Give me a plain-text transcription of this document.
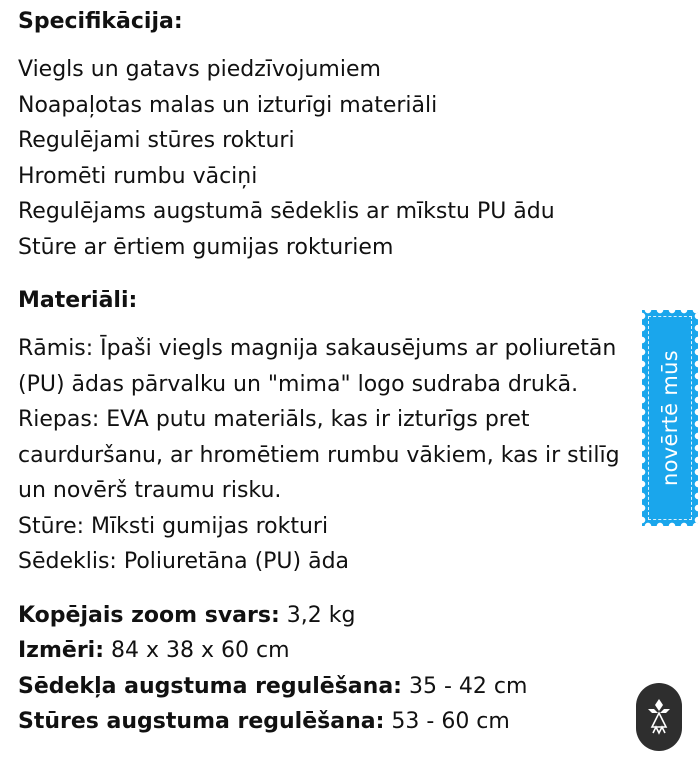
Specifikācija:

Viegls un gatavs piedzīvojumiem

Noapaļotas malas un izturīgi materiāli

Regulējami stūres rokturi

Hromēti rumbu vāciņi

Regulējams augstumā sēdeklis ar mīkstu PU ādu

Stūre ar ērtiem gumijas rokturiem

Materiāli:

Rāmis: Īpaši viegls magnija sakausējums ar poliuretān

(PU) ādas pārvalku un "mima" logo sudraba drukā.

Riepas: EVA putu materiāls, kas ir izturīgs pret

caurduršanu, ar hromētiem rumbu vākiem, kas ir stilīg

un novērš traumu risku.

Stūre: Mīksti gumijas rokturi

Sēdeklis: Poliuretāna (PU) āda

Kopējais zoom svars: 3,2 kg

Izmēri: 84 x 38 x 60 cm

Sēdekļa augstuma regulēšana: 35 - 42 cm

Stūres augstuma regulēšana: 53 - 60 cm

novērtē mūs
